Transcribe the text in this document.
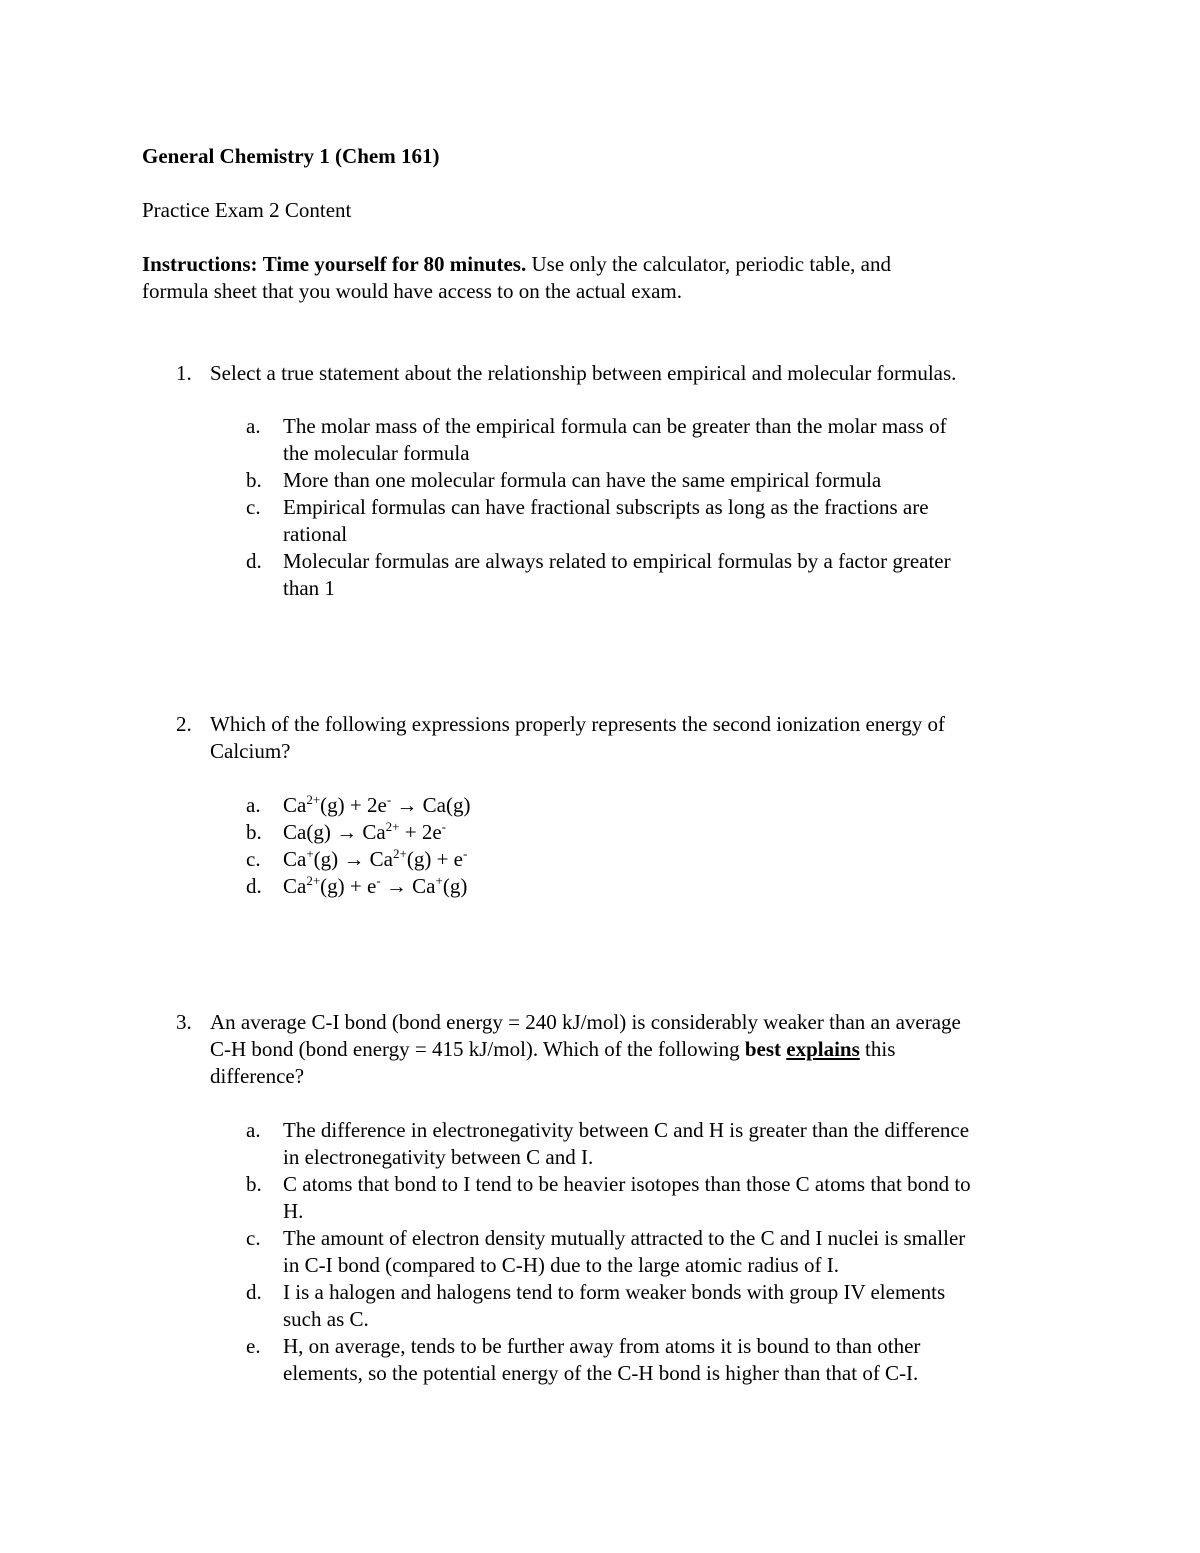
General Chemistry 1 (Chem 161)
Practice Exam 2 Content
Instructions: Time yourself for 80 minutes. Use only the calculator, periodic table, and
formula sheet that you would have access to on the actual exam.
1. Select a true statement about the relationship between empirical and molecular formulas.
a. The molar mass of the empirical formula can be greater than the molar mass of
the molecular formula
b. More than one molecular formula can have the same empirical formula
c. Empirical formulas can have fractional subscripts as long as the fractions are
rational
d. Molecular formulas are always related to empirical formulas by a factor greater
than 1
2. Which of the following expressions properly represents the second ionization energy of
Calcium?
a. $Ca^{2+}(g) + 2e^- \to Ca(g)$
b. $Ca(g) \to Ca^{2+} + 2e^-$
c. $Ca^+(g) \to Ca^{2+}(g) + e^-$
d. $Ca^{2+}(g) + e^- \to Ca^+(g)$
3. An average C-I bond (bond energy = 240 kJ/mol) is considerably weaker than an average
C-H bond (bond energy = 415 kJ/mol). Which of the following best explains this
difference?
a. The difference in electronegativity between C and H is greater than the difference
in electronegativity between C and I.
b. C atoms that bond to I tend to be heavier isotopes than those C atoms that bond to
H.
c. The amount of electron density mutually attracted to the C and I nuclei is smaller
in C-I bond (compared to C-H) due to the large atomic radius of I.
d. I is a halogen and halogens tend to form weaker bonds with group IV elements
such as C.
e. H, on average, tends to be further away from atoms it is bound to than other
elements, so the potential energy of the C-H bond is higher than that of C-I.
